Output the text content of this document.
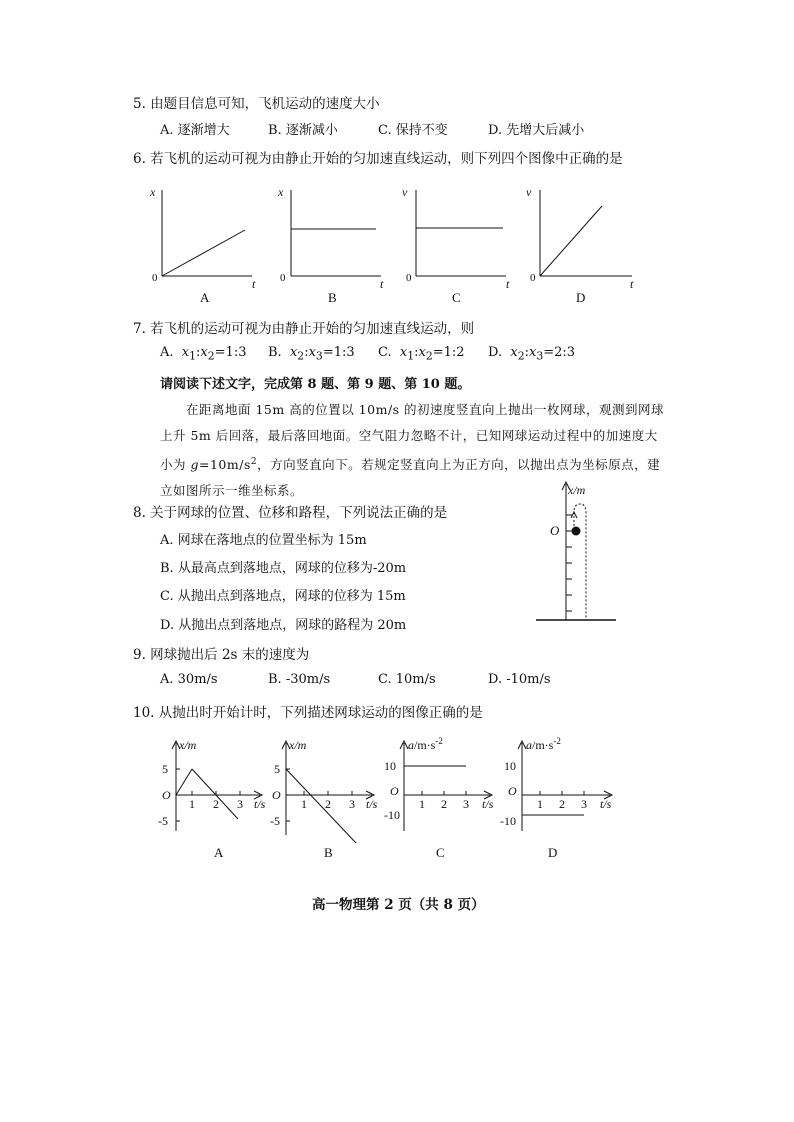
5. 由题目信息可知，飞机运动的速度大小
A. 逐渐增大	B. 逐渐减小	C. 保持不变	D. 先增大后减小
6. 若飞机的运动可视为由静止开始的匀加速直线运动，则下列四个图像中正确的是
x
t
0
A
x
t
0
B
v
t
0
C
v
t
0
D
7. 若飞机的运动可视为由静止开始的匀加速直线运动，则
A. $x_1:x_2=1:3$ B. $x_2:x_3=1:3$ C. $x_1:x_2=1:2$ D. $x_2:x_3=2:3$
请阅读下述文字，完成第 8 题、第 9 题、第 10 题。
在距离地面 15m 高的位置以 10m/s 的初速度竖直向上抛出一枚网球，观测到网球上升 5m 后回落，最后落回地面。空气阻力忽略不计，已知网球运动过程中的加速度大小为 $g=10m/s^2$，方向竖直向下。若规定竖直向上为正方向，以抛出点为坐标原点，建立如图所示一维坐标系。	x/m
O
8. 关于网球的位置、位移和路程，下列说法正确的是
A. 网球在落地点的位置坐标为 15m
B. 从最高点到落地点，网球的位移为-20m
C. 从抛出点到落地点，网球的位移为 15m
D. 从抛出点到落地点，网球的路程为 20m
9. 网球抛出后 2s 末的速度为
A. 30m/s	B. -30m/s	C. 10m/s	D. -10m/s
10. 从抛出时开始计时，下列描述网球运动的图像正确的是
x/m
5
-5
O
1 2 3 t/s
A
x/m
5
-5
O
1 2 3 t/s
B
$a/m\cdot s^{-2}$
10
-10
O
1 2 3 t/s
C
$a/m\cdot s^{-2}$
10
-10
O
1 2 3 t/s
D
高一物理第 2 页（共 8 页）
